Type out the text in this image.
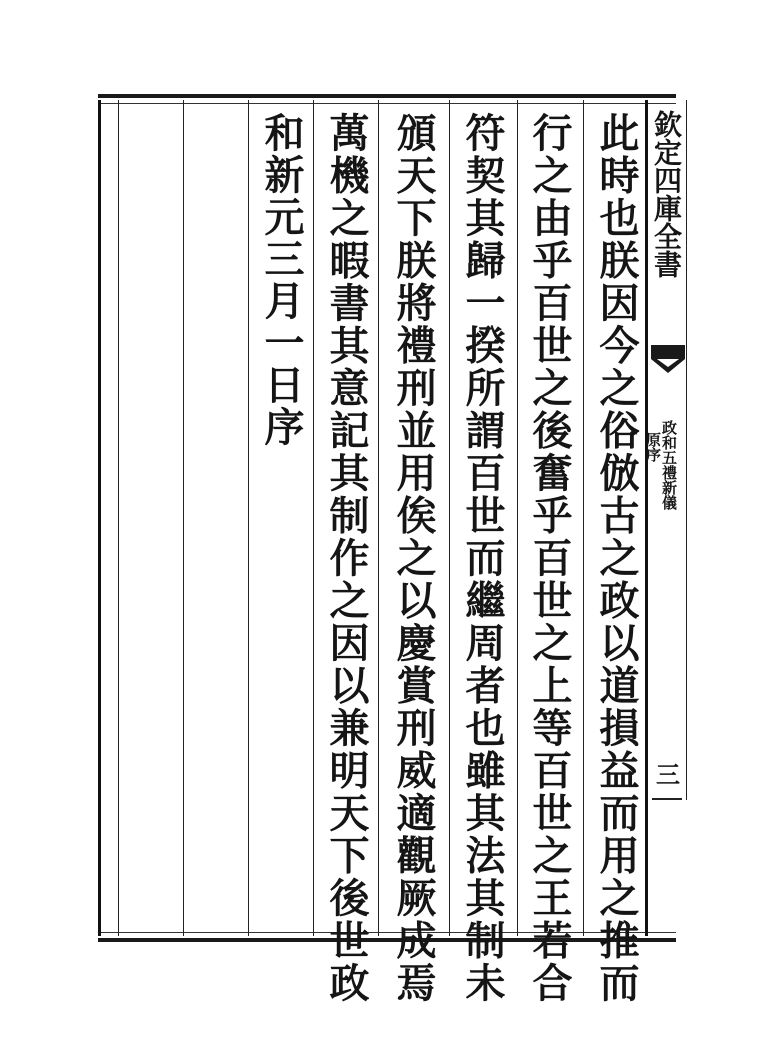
此時也朕因今之俗倣古之政以道損益而用之推而
行之由乎百世之後奮乎百世之上等百世之王若合
符契其歸一揆所謂百世而繼周者也雖其法其制未
頒天下朕將禮刑並用俟之以慶賞刑威適觀厥成焉
萬機之暇書其意記其制作之因以兼明天下後世政
和新元三月一日序	欽定四庫全書
政和五禮新儀
原序
三
